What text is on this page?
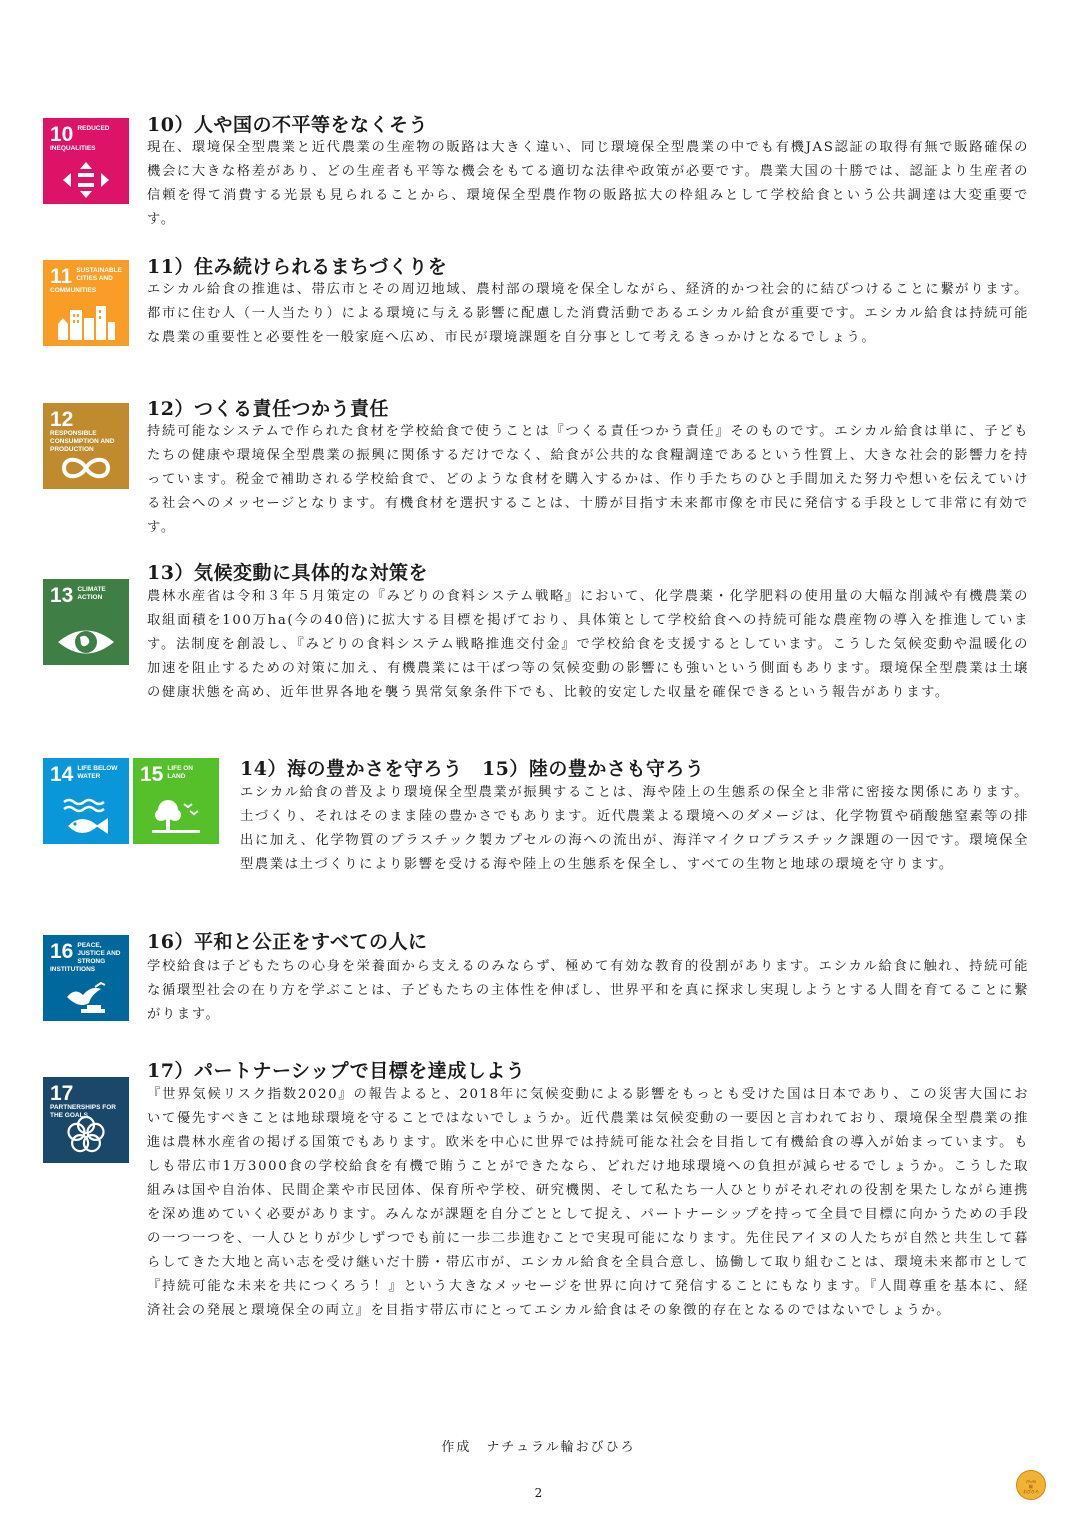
10 REDUCED INEQUALITIES
10）人や国の不平等をなくそう
現在、環境保全型農業と近代農業の生産物の販路は大きく違い、同じ環境保全型農業の中でも有機JAS認証の取得有無で販路確保の機会に大きな格差があり、どの生産者も平等な機会をもてる適切な法律や政策が必要です。農業大国の十勝では、認証より生産者の信頼を得て消費する光景も見られることから、環境保全型農作物の販路拡大の枠組みとして学校給食という公共調達は大変重要です。
11 SUSTAINABLE CITIES AND COMMUNITIES
11）住み続けられるまちづくりを
エシカル給食の推進は、帯広市とその周辺地域、農村部の環境を保全しながら、経済的かつ社会的に結びつけることに繋がります。都市に住む人（一人当たり）による環境に与える影響に配慮した消費活動であるエシカル給食が重要です。エシカル給食は持続可能な農業の重要性と必要性を一般家庭へ広め、市民が環境課題を自分事として考えるきっかけとなるでしょう。
12
RESPONSIBLE CONSUMPTION AND PRODUCTION
12）つくる責任つかう責任
持続可能なシステムで作られた食材を学校給食で使うことは『つくる責任つかう責任』そのものです。エシカル給食は単に、子どもたちの健康や環境保全型農業の振興に関係するだけでなく、給食が公共的な食糧調達であるという性質上、大きな社会的影響力を持っています。税金で補助される学校給食で、どのような食材を購入するかは、作り手たちのひと手間加えた努力や想いを伝えていける社会へのメッセージとなります。有機食材を選択することは、十勝が目指す未来都市像を市民に発信する手段として非常に有効です。
13 CLIMATE ACTION
13）気候変動に具体的な対策を
農林水産省は令和３年５月策定の『みどりの食料システム戦略』において、化学農薬・化学肥料の使用量の大幅な削減や有機農業の取組面積を100万ha(今の40倍)に拡大する目標を掲げており、具体策として学校給食への持続可能な農産物の導入を推進しています。法制度を創設し、『みどりの食料システム戦略推進交付金』で学校給食を支援するとしています。こうした気候変動や温暖化の加速を阻止するための対策に加え、有機農業には干ばつ等の気候変動の影響にも強いという側面もあります。環境保全型農業は土壌の健康状態を高め、近年世界各地を襲う異常気象条件下でも、比較的安定した収量を確保できるという報告があります。
14 LIFE BELOW WATER	15 LIFE ON LAND	14）海の豊かさを守ろう　15）陸の豊かさも守ろう
エシカル給食の普及より環境保全型農業が振興することは、海や陸上の生態系の保全と非常に密接な関係にあります。土づくり、それはそのまま陸の豊かさでもあります。近代農業よる環境へのダメージは、化学物質や硝酸態窒素等の排出に加え、化学物質のプラスチック製カプセルの海への流出が、海洋マイクロプラスチック課題の一因です。環境保全型農業は土づくりにより影響を受ける海や陸上の生態系を保全し、すべての生物と地球の環境を守ります。
16 PEACE, JUSTICE AND STRONG INSTITUTIONS
16）平和と公正をすべての人に
学校給食は子どもたちの心身を栄養面から支えるのみならず、極めて有効な教育的役割があります。エシカル給食に触れ、持続可能な循環型社会の在り方を学ぶことは、子どもたちの主体性を伸ばし、世界平和を真に探求し実現しようとする人間を育てることに繋がります。
17
PARTNERSHIPS FOR THE GOALS
17）パートナーシップで目標を達成しよう
『世界気候リスク指数2020』の報告よると、2018年に気候変動による影響をもっとも受けた国は日本であり、この災害大国において優先すべきことは地球環境を守ることではないでしょうか。近代農業は気候変動の一要因と言われており、環境保全型農業の推進は農林水産省の掲げる国策でもあります。欧米を中心に世界では持続可能な社会を目指して有機給食の導入が始まっています。もしも帯広市1万3000食の学校給食を有機で賄うことができたなら、どれだけ地球環境への負担が減らせるでしょうか。こうした取組みは国や自治体、民間企業や市民団体、保育所や学校、研究機関、そして私たち一人ひとりがそれぞれの役割を果たしながら連携を深め進めていく必要があります。みんなが課題を自分ごととして捉え、パートナーシップを持って全員で目標に向かうための手段の一つ一つを、一人ひとりが少しずつでも前に一歩二歩進むことで実現可能になります。先住民アイヌの人たちが自然と共生して暮らしてきた大地と高い志を受け継いだ十勝・帯広市が、エシカル給食を全員合意し、協働して取り組むことは、環境未来都市として『持続可能な未来を共につくろう！』という大きなメッセージを世界に向けて発信することにもなります。『人間尊重を基本に、経済社会の発展と環境保全の両立』を目指す帯広市にとってエシカル給食はその象徴的存在となるのではないでしょうか。
作成　ナチュラル輪おびひろ
2
ﾅﾁｭﾗﾙ
輪
おびひろ
